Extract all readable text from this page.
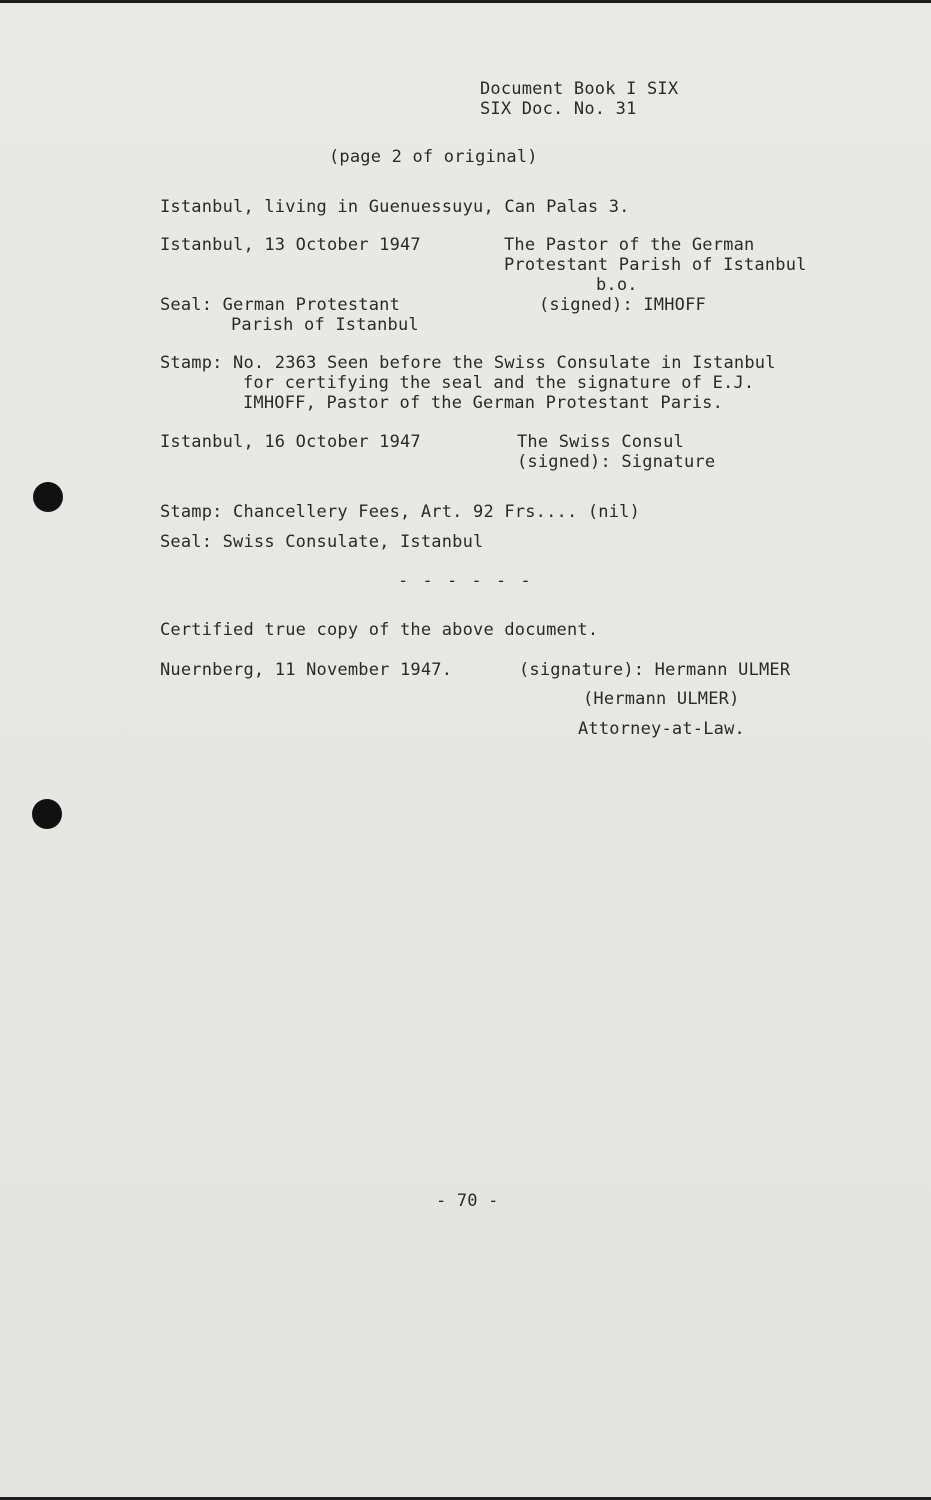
Document Book I SIX
SIX Doc. No. 31
(page 2 of original)
Istanbul, living in Guenuessuyu, Can Palas 3.
Istanbul, 13 October 1947	The Pastor of the German
Protestant Parish of Istanbul
b.o.
Seal: German Protestant
Parish of Istanbul
(signed): IMHOFF
Stamp: No. 2363 Seen before the Swiss Consulate in Istanbul
for certifying the seal and the signature of E.J.
IMHOFF, Pastor of the German Protestant Paris.
Istanbul, 16 October 1947	The Swiss Consul
(signed): Signature
Stamp: Chancellery Fees, Art. 92 Frs.... (nil)
Seal: Swiss Consulate, Istanbul
- - - - - -
Certified true copy of the above document.
Nuernberg, 11 November 1947.	(signature): Hermann ULMER
(Hermann ULMER)
Attorney-at-Law.
- 70 -
